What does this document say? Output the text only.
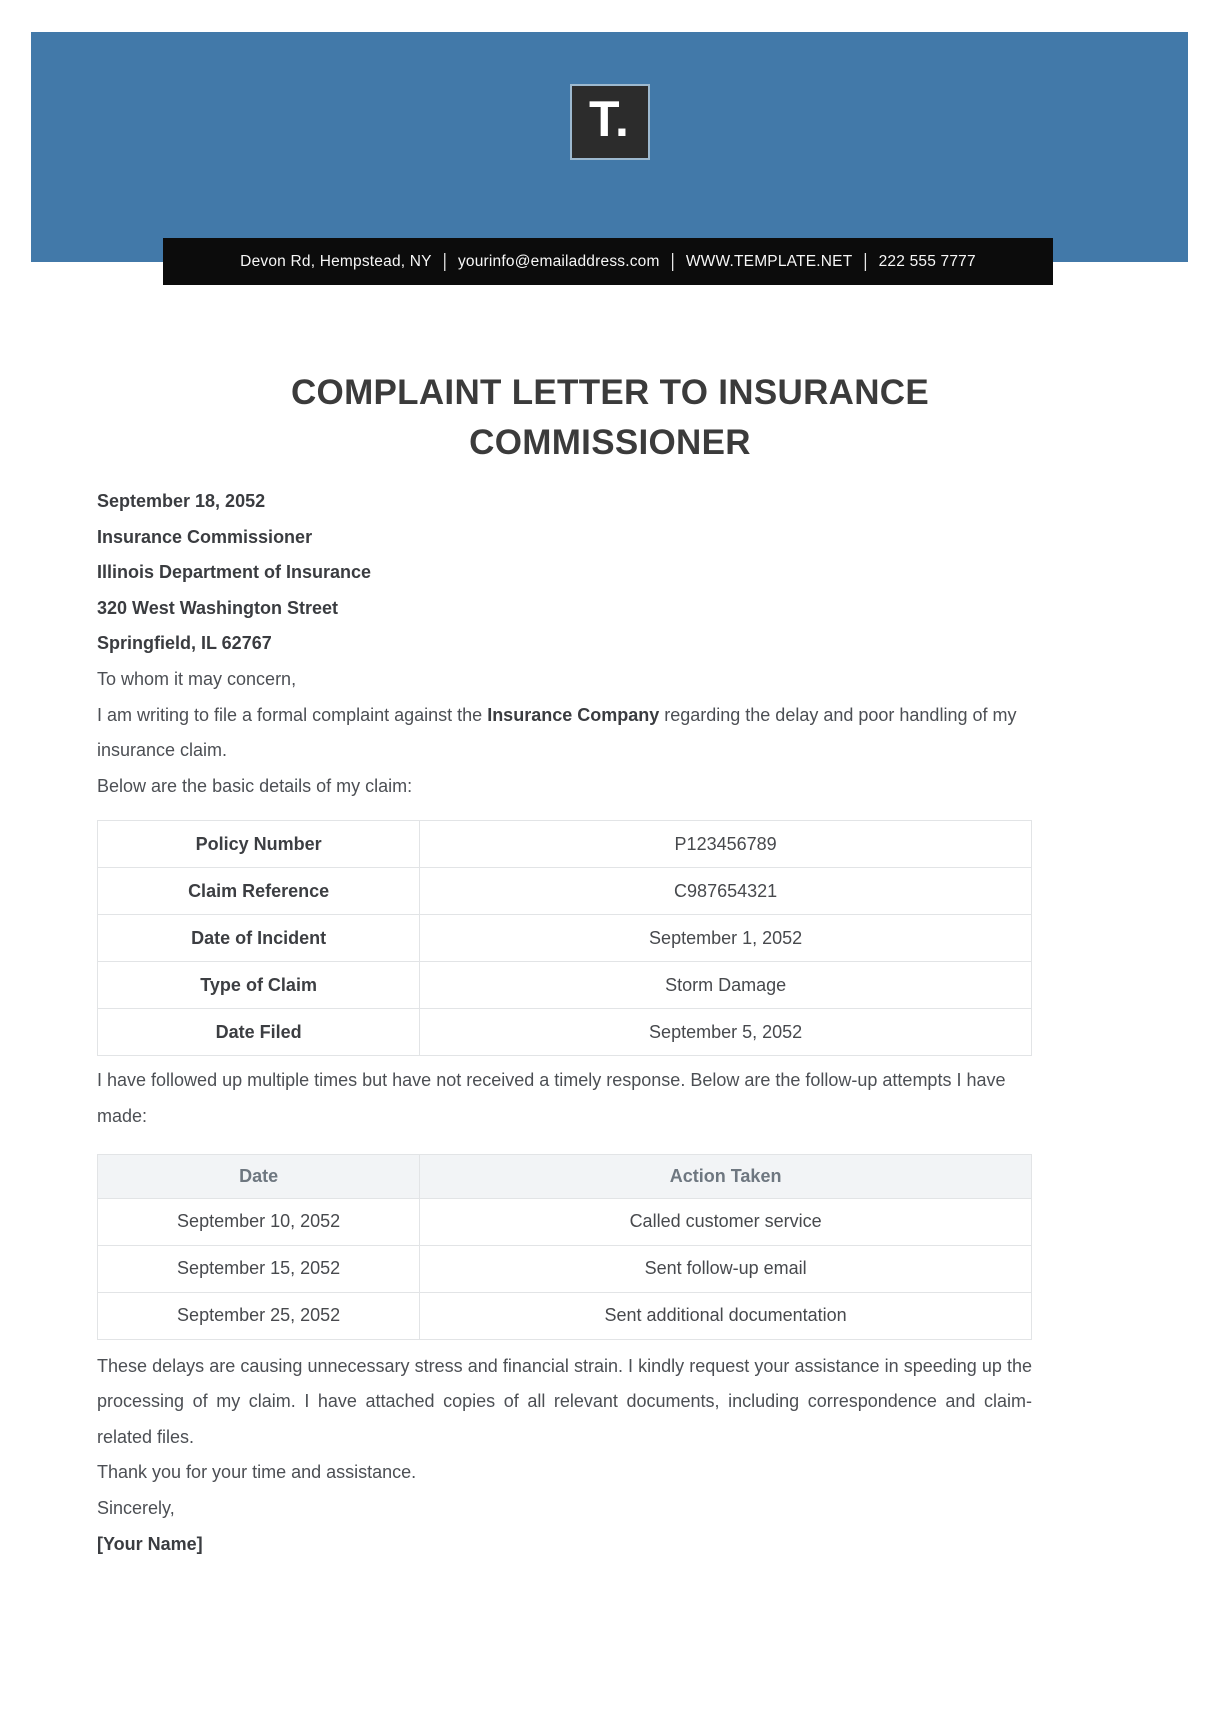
T.
Devon Rd, Hempstead, NY | yourinfo@emailaddress.com | WWW.TEMPLATE.NET | 222 555 7777
COMPLAINT LETTER TO INSURANCE COMMISSIONER

September 18, 2052

Insurance Commissioner

Illinois Department of Insurance

320 West Washington Street

Springfield, IL 62767

To whom it may concern,

I am writing to file a formal complaint against the Insurance Company regarding the delay and poor handling of my insurance claim.

Below are the basic details of my claim:

Policy Number	P123456789
Claim Reference	C987654321
Date of Incident	September 1, 2052
Type of Claim	Storm Damage
Date Filed	September 5, 2052

I have followed up multiple times but have not received a timely response. Below are the follow-up attempts I have made:

Date	Action Taken
September 10, 2052	Called customer service
September 15, 2052	Sent follow-up email
September 25, 2052	Sent additional documentation

These delays are causing unnecessary stress and financial strain. I kindly request your assistance in speeding up the processing of my claim. I have attached copies of all relevant documents, including correspondence and claim-related files.

Thank you for your time and assistance.

Sincerely,

[Your Name]
